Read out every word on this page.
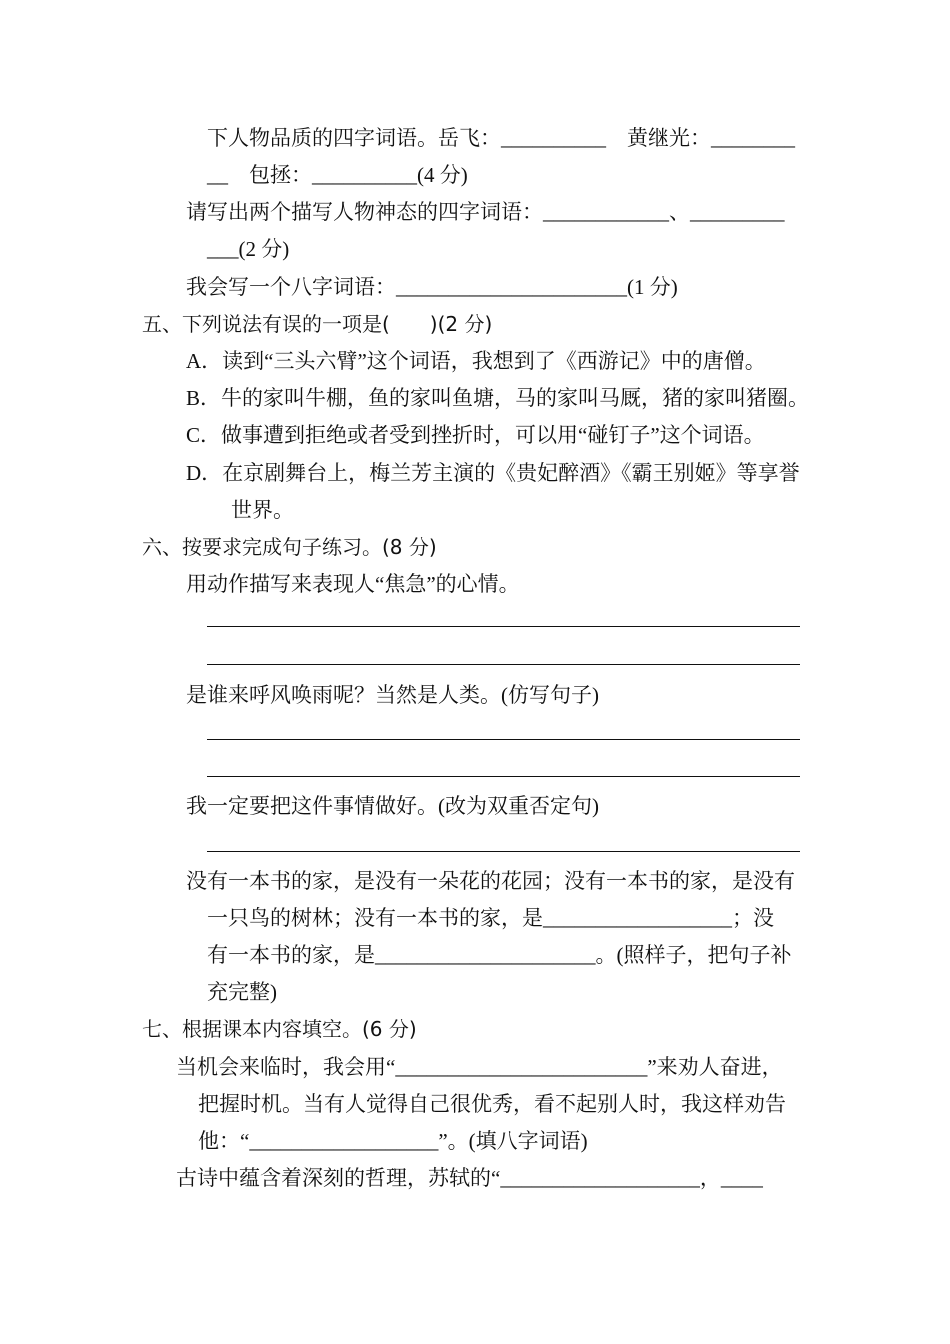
下人物品质的四字词语。岳飞：__________　黄继光：________
__　包拯：__________(4 分)
请写出两个描写人物神态的四字词语：____________、_________
___(2 分)
我会写一个八字词语：______________________(1 分)
五、下列说法有误的一项是(　　)(2 分)
A．读到“三头六臂”这个词语，我想到了《西游记》中的唐僧。
B．牛的家叫牛棚，鱼的家叫鱼塘，马的家叫马厩，猪的家叫猪圈。
C．做事遭到拒绝或者受到挫折时，可以用“碰钉子”这个词语。
D．在京剧舞台上，梅兰芳主演的《贵妃醉酒》《霸王别姬》等享誉
世界。
六、按要求完成句子练习。(8 分)
用动作描写来表现人“焦急”的心情。
是谁来呼风唤雨呢？当然是人类。(仿写句子)
我一定要把这件事情做好。(改为双重否定句)
没有一本书的家，是没有一朵花的花园；没有一本书的家，是没有
一只鸟的树林；没有一本书的家，是__________________；没
有一本书的家，是_____________________。(照样子，把句子补
充完整)
七、根据课本内容填空。(6 分)
当机会来临时，我会用“________________________”来劝人奋进，
把握时机。当有人觉得自己很优秀，看不起别人时，我这样劝告
他：“__________________”。(填八字词语)
古诗中蕴含着深刻的哲理，苏轼的“___________________，____
